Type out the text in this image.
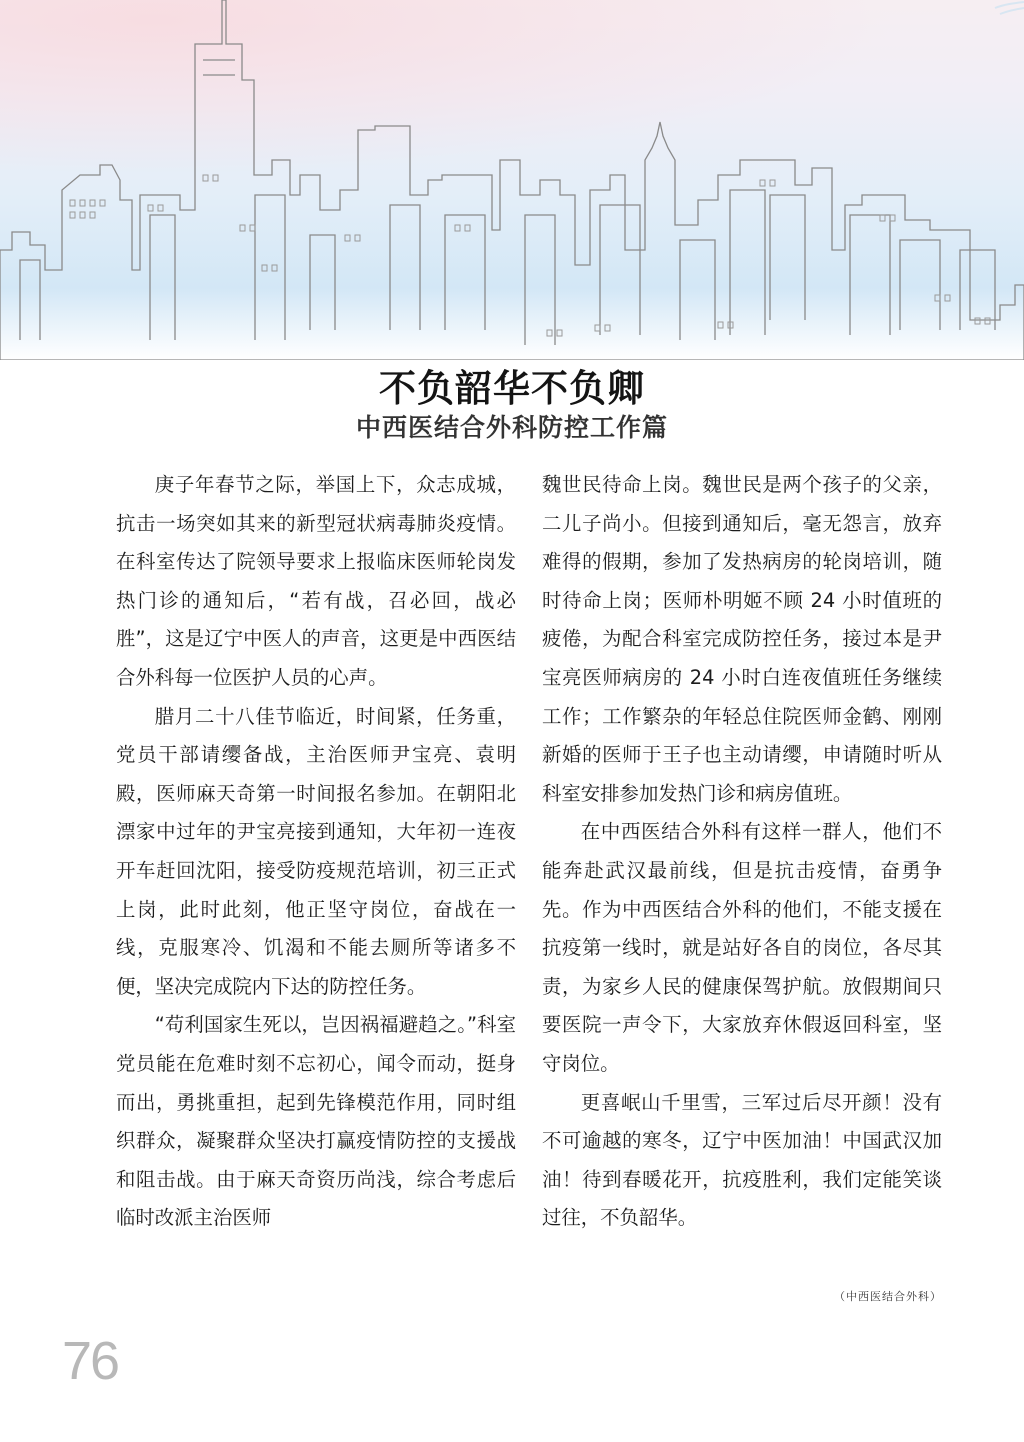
不负韶华不负卿
中西医结合外科防控工作篇

庚子年春节之际，举国上下，众志成城，抗击一场突如其来的新型冠状病毒肺炎疫情。在科室传达了院领导要求上报临床医师轮岗发热门诊的通知后，“若有战，召必回，战必胜”，这是辽宁中医人的声音，这更是中西医结合外科每一位医护人员的心声。

腊月二十八佳节临近，时间紧，任务重，党员干部请缨备战，主治医师尹宝亮、袁明殿，医师麻天奇第一时间报名参加。在朝阳北漂家中过年的尹宝亮接到通知，大年初一连夜开车赶回沈阳，接受防疫规范培训，初三正式上岗，此时此刻，他正坚守岗位，奋战在一线，克服寒冷、饥渴和不能去厕所等诸多不便，坚决完成院内下达的防控任务。

“苟利国家生死以，岂因祸福避趋之。”科室党员能在危难时刻不忘初心，闻令而动，挺身而出，勇挑重担，起到先锋模范作用，同时组织群众，凝聚群众坚决打赢疫情防控的支援战和阻击战。由于麻天奇资历尚浅，综合考虑后临时改派主治医师

魏世民待命上岗。魏世民是两个孩子的父亲，二儿子尚小。但接到通知后，毫无怨言，放弃难得的假期，参加了发热病房的轮岗培训，随时待命上岗；医师朴明姬不顾 24 小时值班的疲倦，为配合科室完成防控任务，接过本是尹宝亮医师病房的 24 小时白连夜值班任务继续工作；工作繁杂的年轻总住院医师金鹤、刚刚新婚的医师于王子也主动请缨，申请随时听从科室安排参加发热门诊和病房值班。

在中西医结合外科有这样一群人，他们不能奔赴武汉最前线，但是抗击疫情，奋勇争先。作为中西医结合外科的他们，不能支援在抗疫第一线时，就是站好各自的岗位，各尽其责，为家乡人民的健康保驾护航。放假期间只要医院一声令下，大家放弃休假返回科室，坚守岗位。

更喜岷山千里雪，三军过后尽开颜！没有不可逾越的寒冬，辽宁中医加油！中国武汉加油！待到春暖花开，抗疫胜利，我们定能笑谈过往，不负韶华。

（中西医结合外科）
76
